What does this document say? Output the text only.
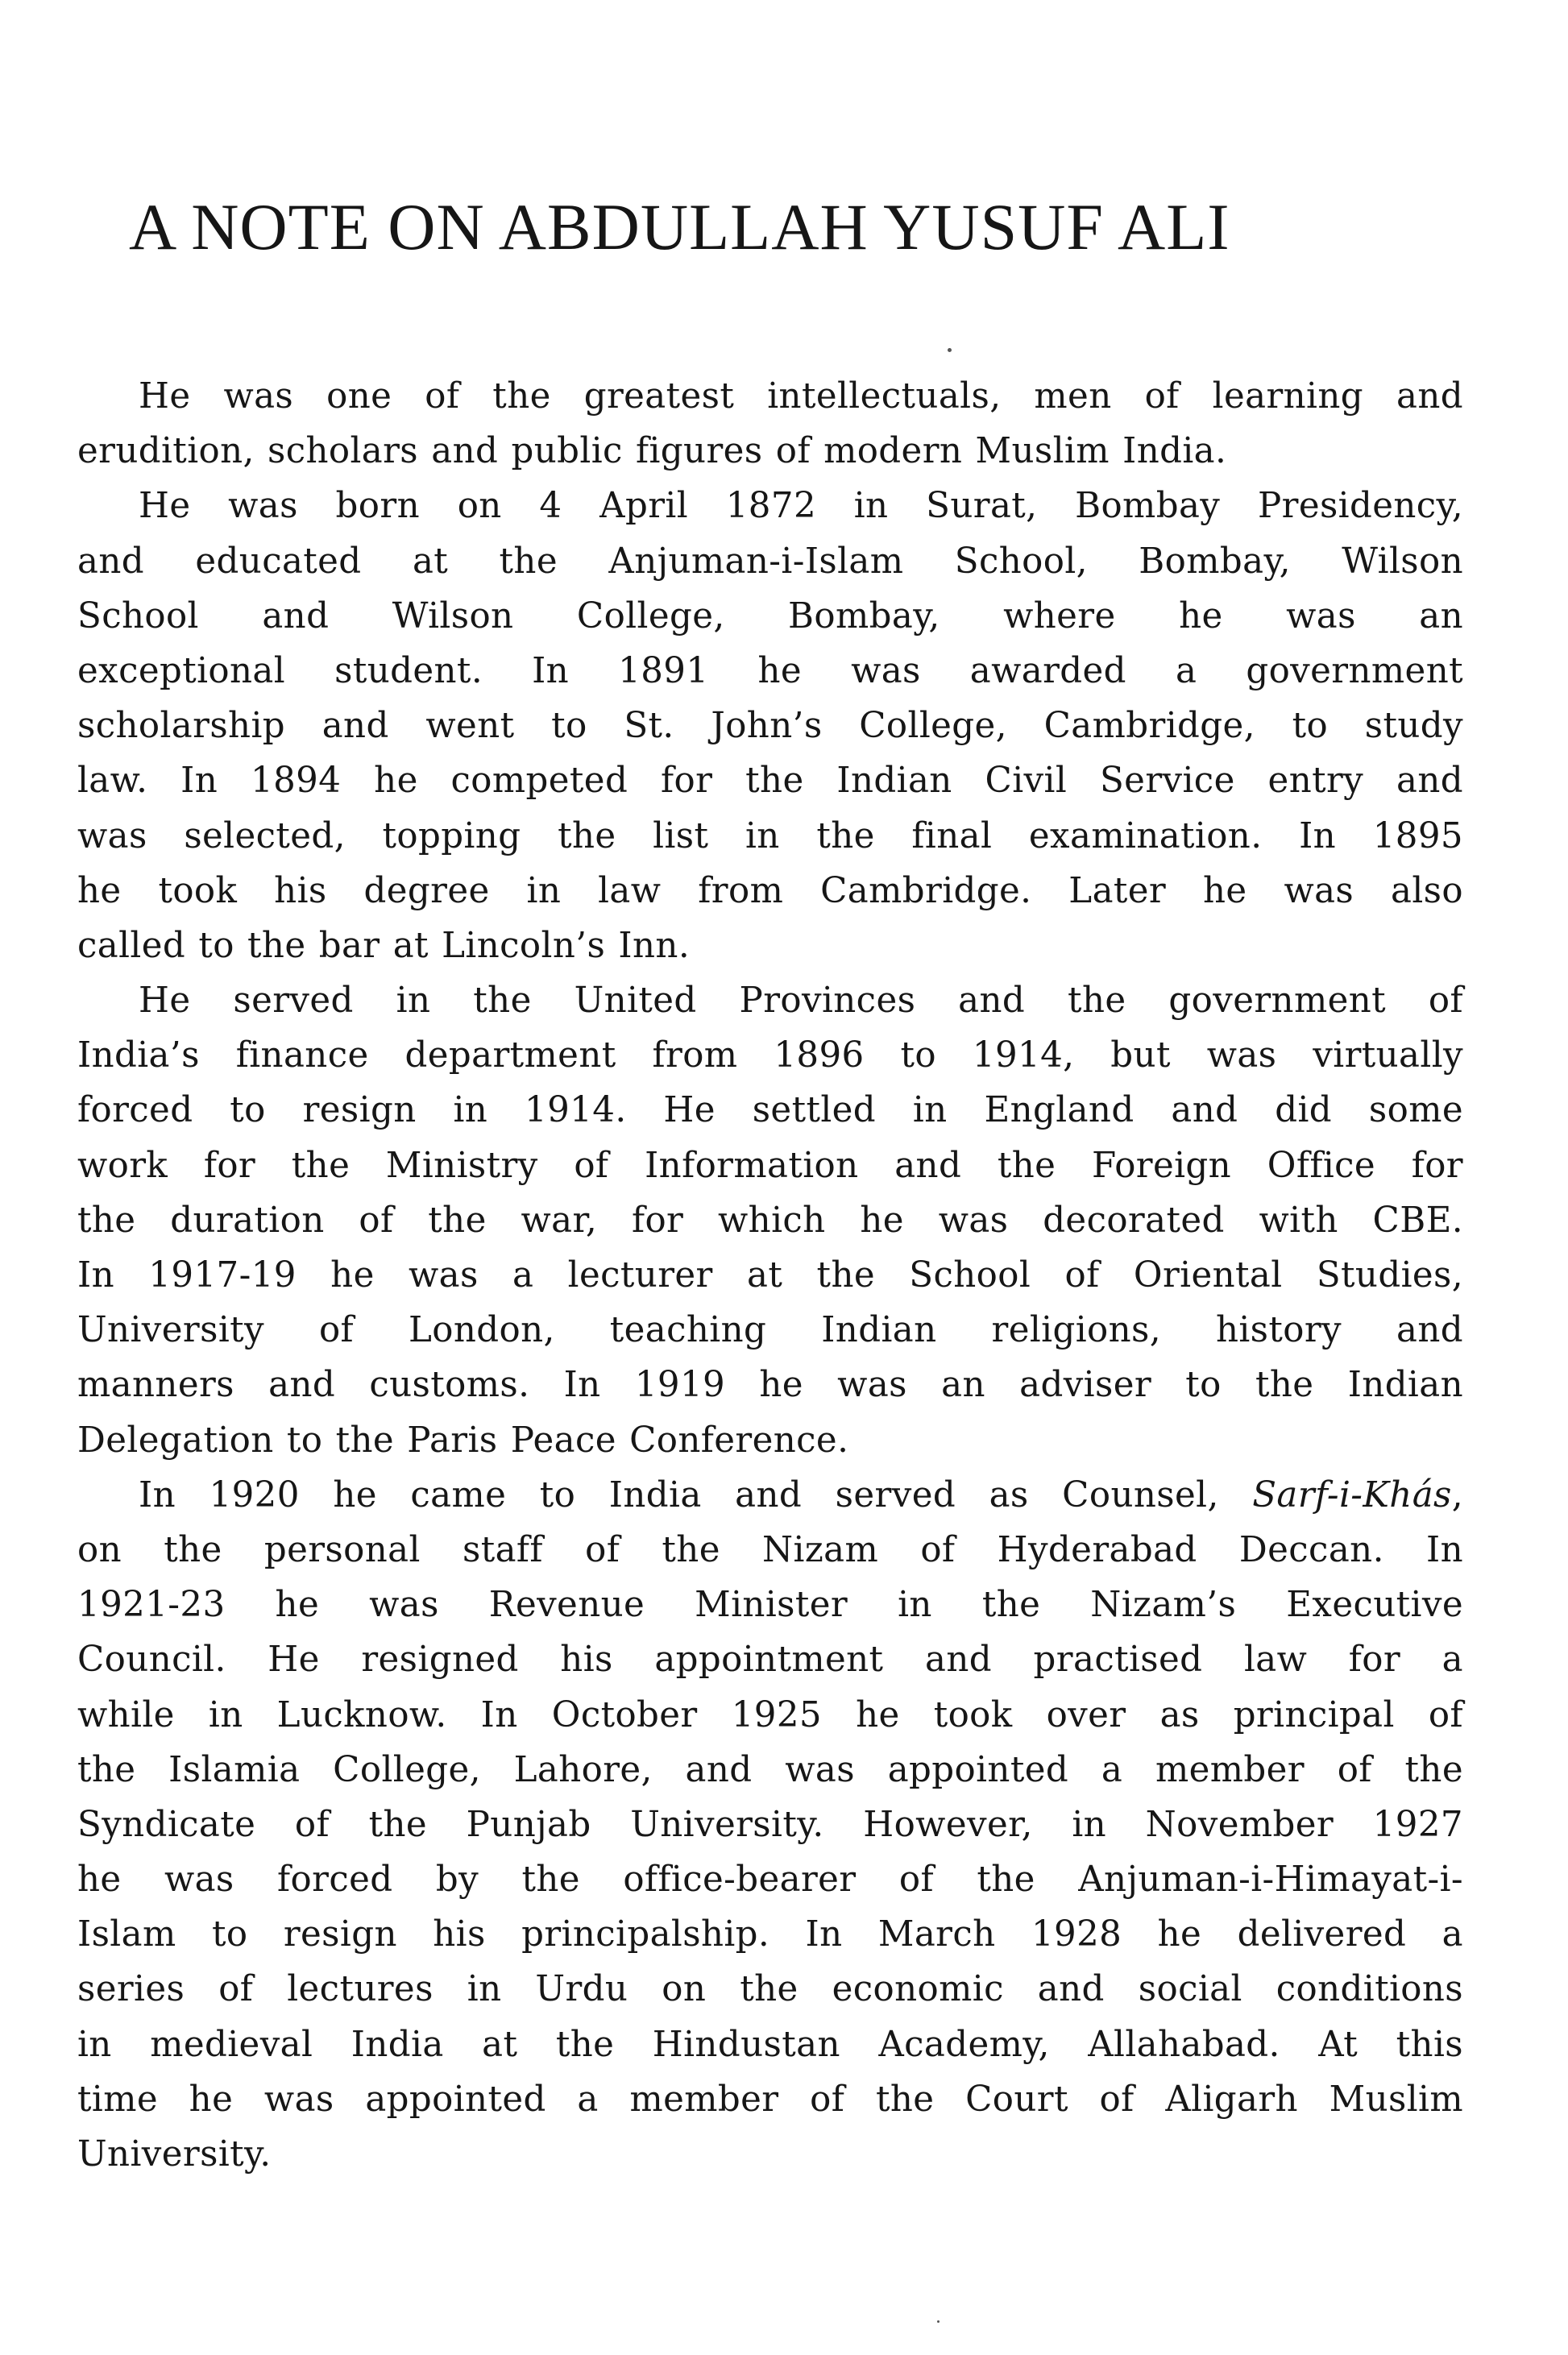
A NOTE ON ABDULLAH YUSUF ALI
He was one of the greatest intellectuals, men of learning and
erudition, scholars and public figures of modern Muslim India.
He was born on 4 April 1872 in Surat, Bombay Presidency,
and educated at the Anjuman-i-Islam School, Bombay, Wilson
School and Wilson College, Bombay, where he was an
exceptional student. In 1891 he was awarded a government
scholarship and went to St. John’s College, Cambridge, to study
law. In 1894 he competed for the Indian Civil Service entry and
was selected, topping the list in the final examination. In 1895
he took his degree in law from Cambridge. Later he was also
called to the bar at Lincoln’s Inn.
He served in the United Provinces and the government of
India’s finance department from 1896 to 1914, but was virtually
forced to resign in 1914. He settled in England and did some
work for the Ministry of Information and the Foreign Office for
the duration of the war, for which he was decorated with CBE.
In 1917-19 he was a lecturer at the School of Oriental Studies,
University of London, teaching Indian religions, history and
manners and customs. In 1919 he was an adviser to the Indian
Delegation to the Paris Peace Conference.
In 1920 he came to India and served as Counsel, Sarf-i-Khás,
on the personal staff of the Nizam of Hyderabad Deccan. In
1921-23 he was Revenue Minister in the Nizam’s Executive
Council. He resigned his appointment and practised law for a
while in Lucknow. In October 1925 he took over as principal of
the Islamia College, Lahore, and was appointed a member of the
Syndicate of the Punjab University. However, in November 1927
he was forced by the office-bearer of the Anjuman-i-Himayat-i-
Islam to resign his principalship. In March 1928 he delivered a
series of lectures in Urdu on the economic and social conditions
in medieval India at the Hindustan Academy, Allahabad. At this
time he was appointed a member of the Court of Aligarh Muslim
University.
